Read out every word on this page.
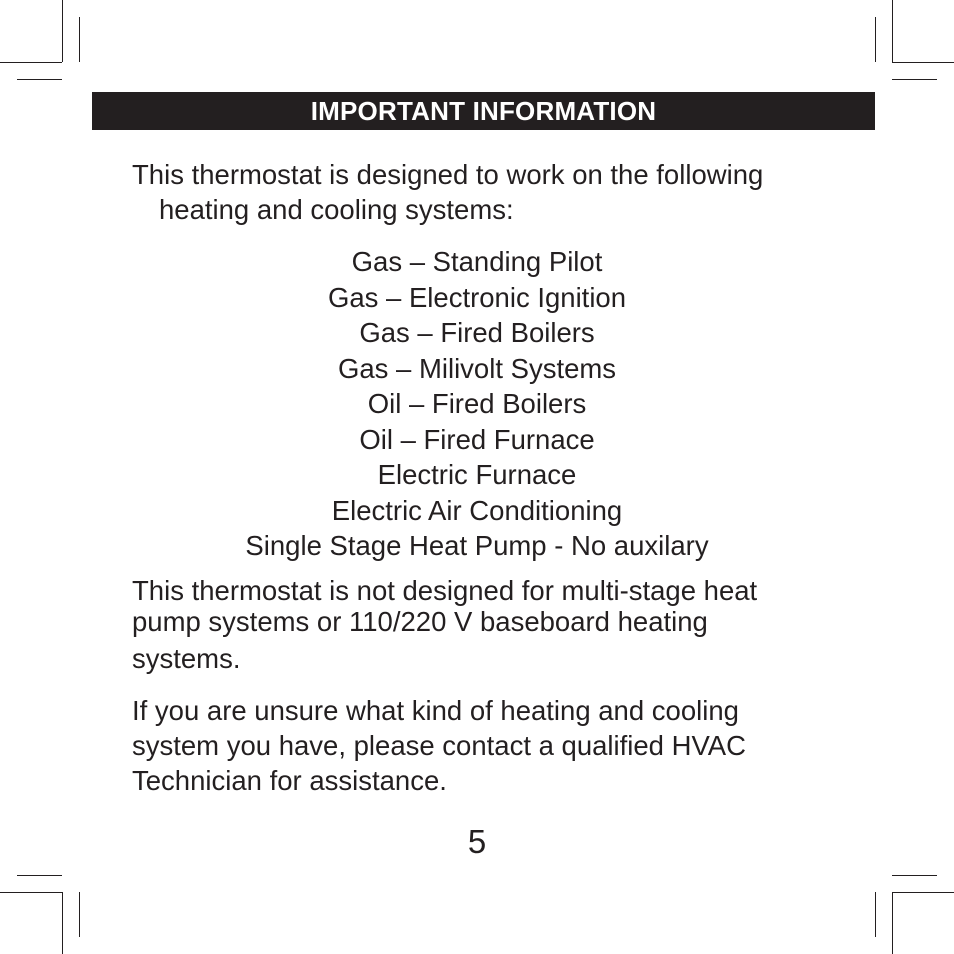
IMPORTANT INFORMATION

This thermostat is designed to work on the following heating and cooling systems:

Gas – Standing Pilot
Gas – Electronic Ignition
Gas – Fired Boilers
Gas – Milivolt Systems
Oil – Fired Boilers
Oil – Fired Furnace
Electric Furnace
Electric Air Conditioning
Single Stage Heat Pump - No auxilary
This thermostat is not designed for multi-stage heat
pump systems or 110/220 V baseboard heating
systems.

If you are unsure what kind of heating and cooling system you have, please contact a qualified HVAC Technician for assistance.

5
